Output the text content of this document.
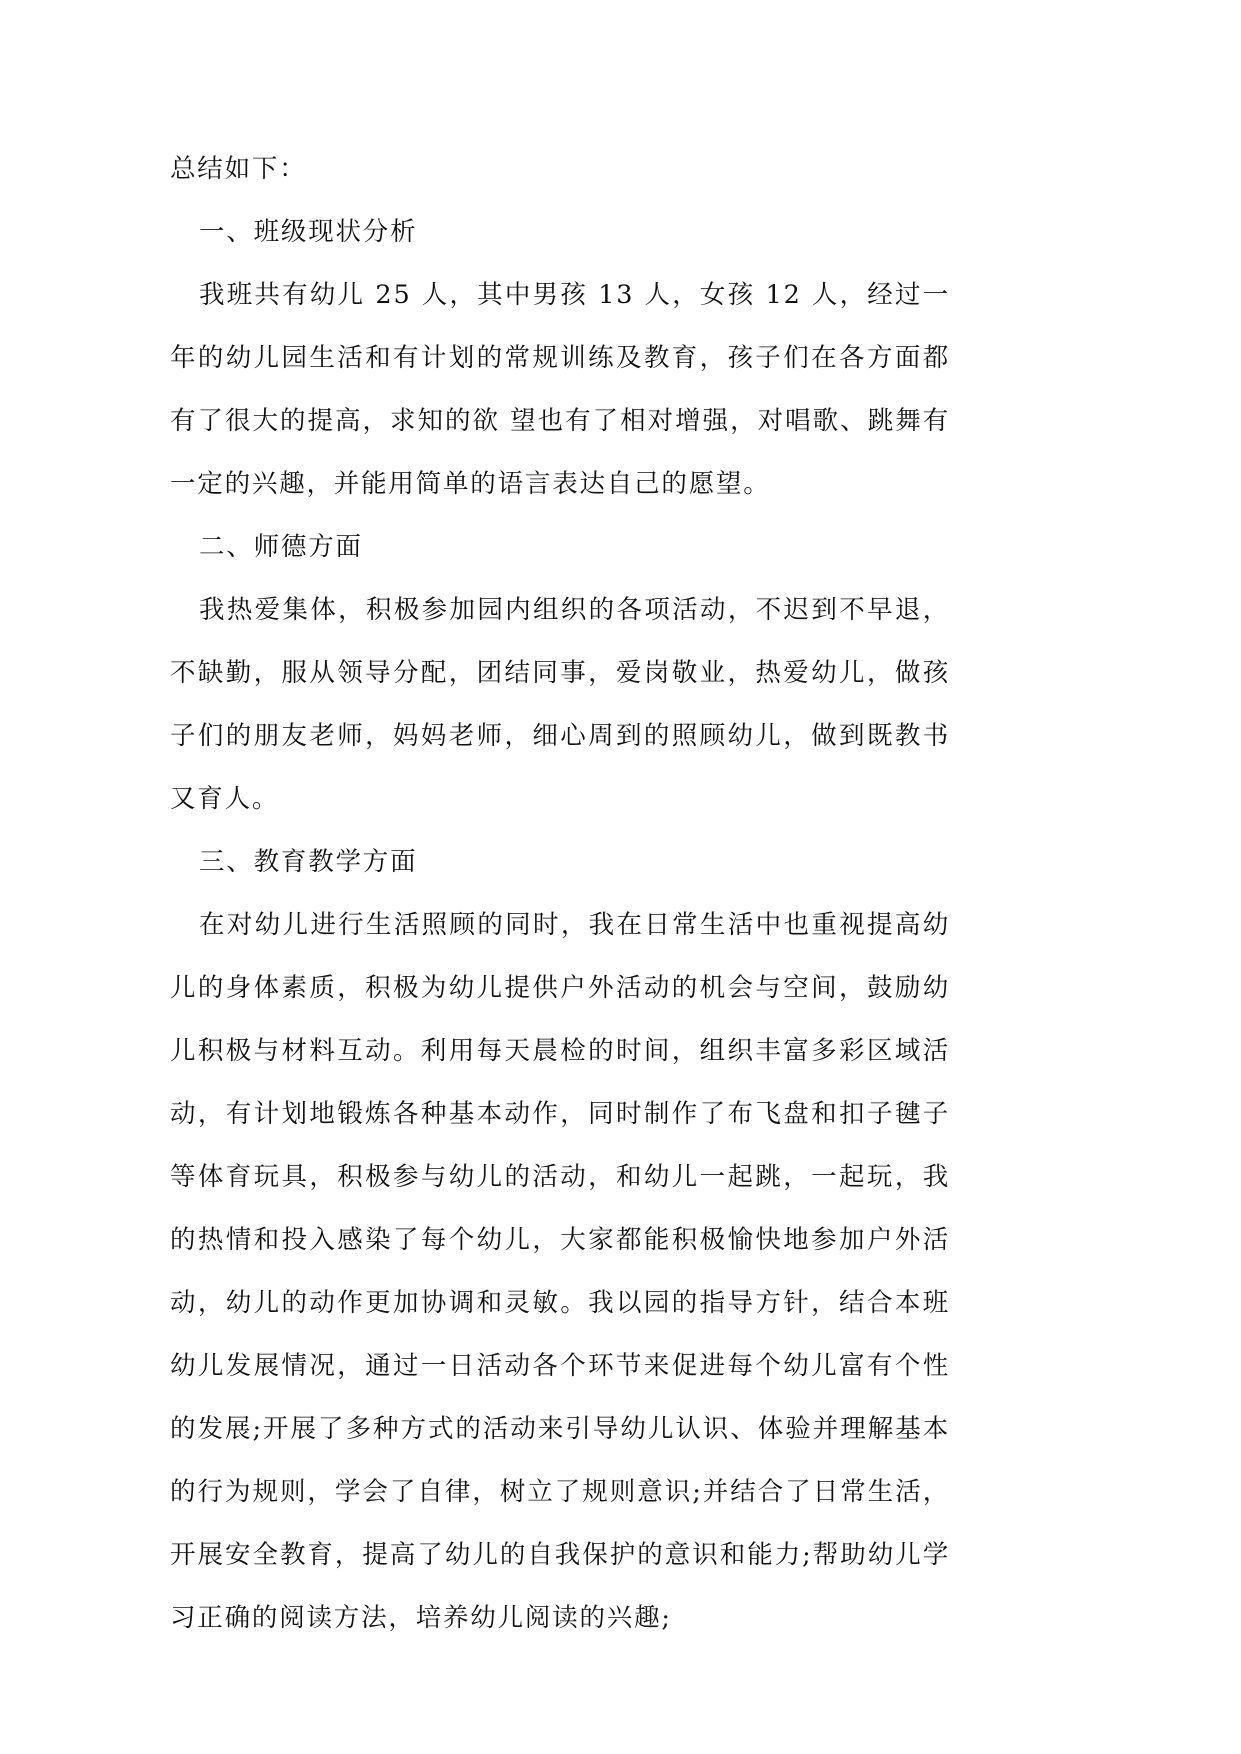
总结如下：

一、班级现状分析

我班共有幼儿 25 人，其中男孩 13 人，女孩 12 人，经过一年的幼儿园生活和有计划的常规训练及教育，孩子们在各方面都有了很大的提高，求知的欲 望也有了相对增强，对唱歌、跳舞有一定的兴趣，并能用简单的语言表达自己的愿望。

二、师德方面

我热爱集体，积极参加园内组织的各项活动，不迟到不早退，不缺勤，服从领导分配，团结同事，爱岗敬业，热爱幼儿，做孩子们的朋友老师，妈妈老师，细心周到的照顾幼儿，做到既教书又育人。

三、教育教学方面

在对幼儿进行生活照顾的同时，我在日常生活中也重视提高幼儿的身体素质，积极为幼儿提供户外活动的机会与空间，鼓励幼儿积极与材料互动。利用每天晨检的时间，组织丰富多彩区域活动，有计划地锻炼各种基本动作，同时制作了布飞盘和扣子毽子等体育玩具，积极参与幼儿的活动，和幼儿一起跳，一起玩，我的热情和投入感染了每个幼儿，大家都能积极愉快地参加户外活动，幼儿的动作更加协调和灵敏。我以园的指导方针，结合本班幼儿发展情况，通过一日活动各个环节来促进每个幼儿富有个性的发展;开展了多种方式的活动来引导幼儿认识、体验并理解基本的行为规则，学会了自律，树立了规则意识;并结合了日常生活，开展安全教育，提高了幼儿的自我保护的意识和能力;帮助幼儿学习正确的阅读方法，培养幼儿阅读的兴趣;
